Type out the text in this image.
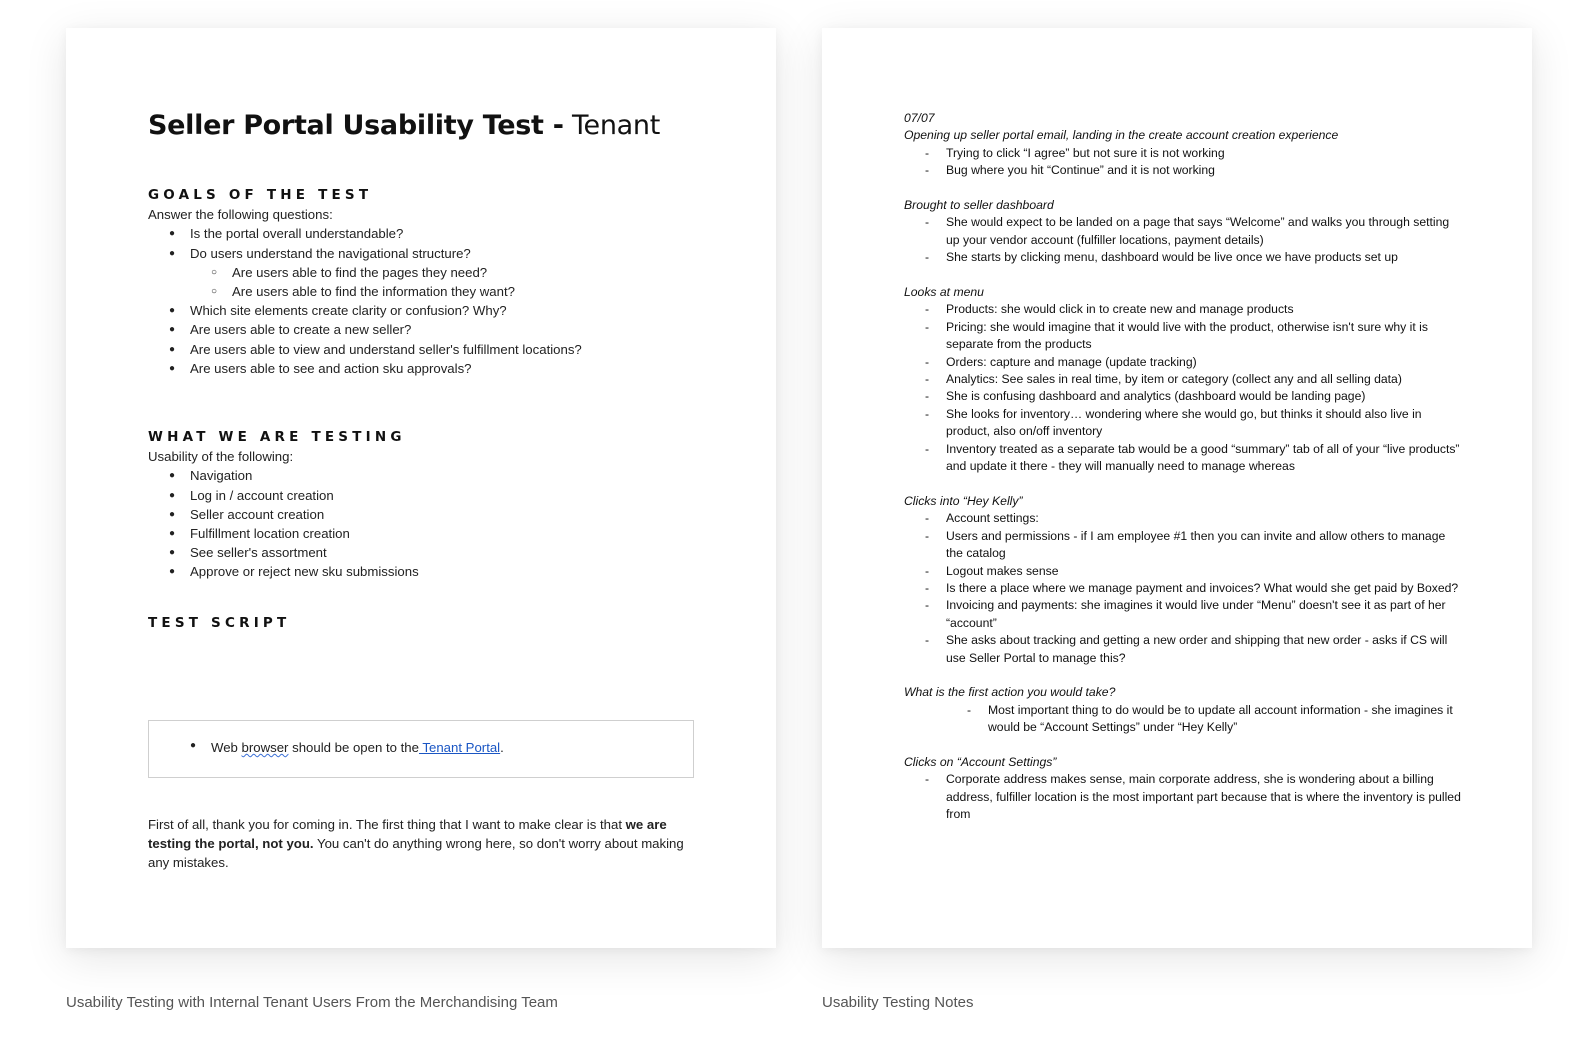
Seller Portal Usability Test - Tenant

GOALS OF THE TEST

Answer the following questions:

● Is the portal overall understandable?
● Do users understand the navigational structure?
○ Are users able to find the pages they need?
○ Are users able to find the information they want?
● Which site elements create clarity or confusion? Why?
● Are users able to create a new seller?
● Are users able to view and understand seller's fulfillment locations?
● Are users able to see and action sku approvals?

WHAT WE ARE TESTING

Usability of the following:

● Navigation
● Log in / account creation
● Seller account creation
● Fulfillment location creation
● See seller's assortment
● Approve or reject new sku submissions

TEST SCRIPT

● Web browser should be open to the Tenant Portal.
First of all, thank you for coming in. The first thing that I want to make clear is that we are testing the portal, not you. You can't do anything wrong here, so don't worry about making any mistakes.
07/07
Opening up seller portal email, landing in the create account creation experience
- Trying to click “I agree” but not sure it is not working
- Bug where you hit “Continue” and it is not working
Brought to seller dashboard
- She would expect to be landed on a page that says “Welcome” and walks you through setting up your vendor account (fulfiller locations, payment details)
- She starts by clicking menu, dashboard would be live once we have products set up
Looks at menu
- Products: she would click in to create new and manage products
- Pricing: she would imagine that it would live with the product, otherwise isn't sure why it is separate from the products
- Orders: capture and manage (update tracking)
- Analytics: See sales in real time, by item or category (collect any and all selling data)
- She is confusing dashboard and analytics (dashboard would be landing page)
- She looks for inventory… wondering where she would go, but thinks it should also live in product, also on/off inventory
- Inventory treated as a separate tab would be a good “summary” tab of all of your “live products” and update it there - they will manually need to manage whereas
Clicks into “Hey Kelly”
- Account settings:
- Users and permissions - if I am employee #1 then you can invite and allow others to manage the catalog
- Logout makes sense
- Is there a place where we manage payment and invoices? What would she get paid by Boxed?
- Invoicing and payments: she imagines it would live under “Menu” doesn't see it as part of her “account”
- She asks about tracking and getting a new order and shipping that new order - asks if CS will use Seller Portal to manage this?
What is the first action you would take?
- Most important thing to do would be to update all account information - she imagines it would be “Account Settings” under “Hey Kelly”
Clicks on “Account Settings”
- Corporate address makes sense, main corporate address, she is wondering about a billing address, fulfiller location is the most important part because that is where the inventory is pulled from
Usability Testing with Internal Tenant Users From the Merchandising Team	Usability Testing Notes
